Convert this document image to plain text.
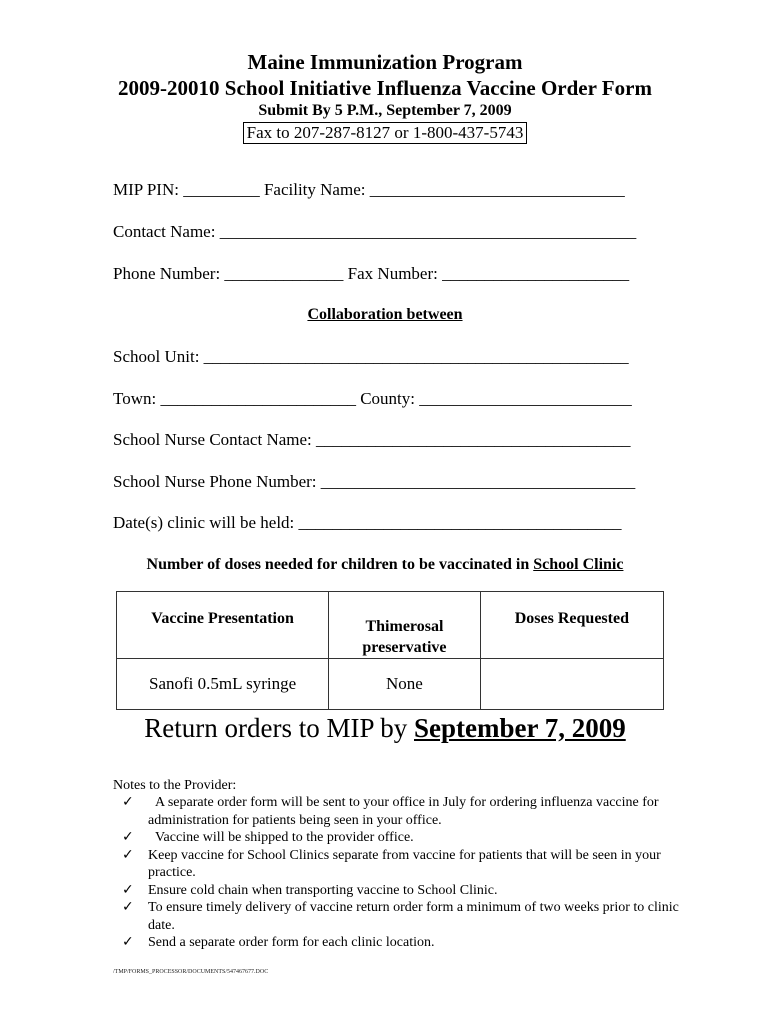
Maine Immunization Program
2009-20010 School Initiative Influenza Vaccine Order Form
Submit By 5 P.M., September 7, 2009
Fax to 207-287-8127 or 1-800-437-5743
MIP PIN: _________ Facility Name: ______________________________
Contact Name: _________________________________________________
Phone Number: ______________ Fax Number: ______________________
Collaboration between
School Unit: __________________________________________________
Town: _______________________ County: _________________________
School Nurse Contact Name: _____________________________________
School Nurse Phone Number: _____________________________________
Date(s) clinic will be held: ______________________________________
Number of doses needed for children to be vaccinated in School Clinic
Vaccine Presentation	Thimerosal preservative	Doses Requested

Sanofi 0.5mL syringe	None	
Return orders to MIP by September 7, 2009
Notes to the Provider:
✓ A separate order form will be sent to your office in July for ordering influenza vaccine for administration for patients being seen in your office.
✓ Vaccine will be shipped to the provider office.
✓ Keep vaccine for School Clinics separate from vaccine for patients that will be seen in your practice.
✓ Ensure cold chain when transporting vaccine to School Clinic.
✓ To ensure timely delivery of vaccine return order form a minimum of two weeks prior to clinic date.
✓ Send a separate order form for each clinic location.
/TMP/FORMS_PROCESSOR/DOCUMENTS/547467677.DOC
